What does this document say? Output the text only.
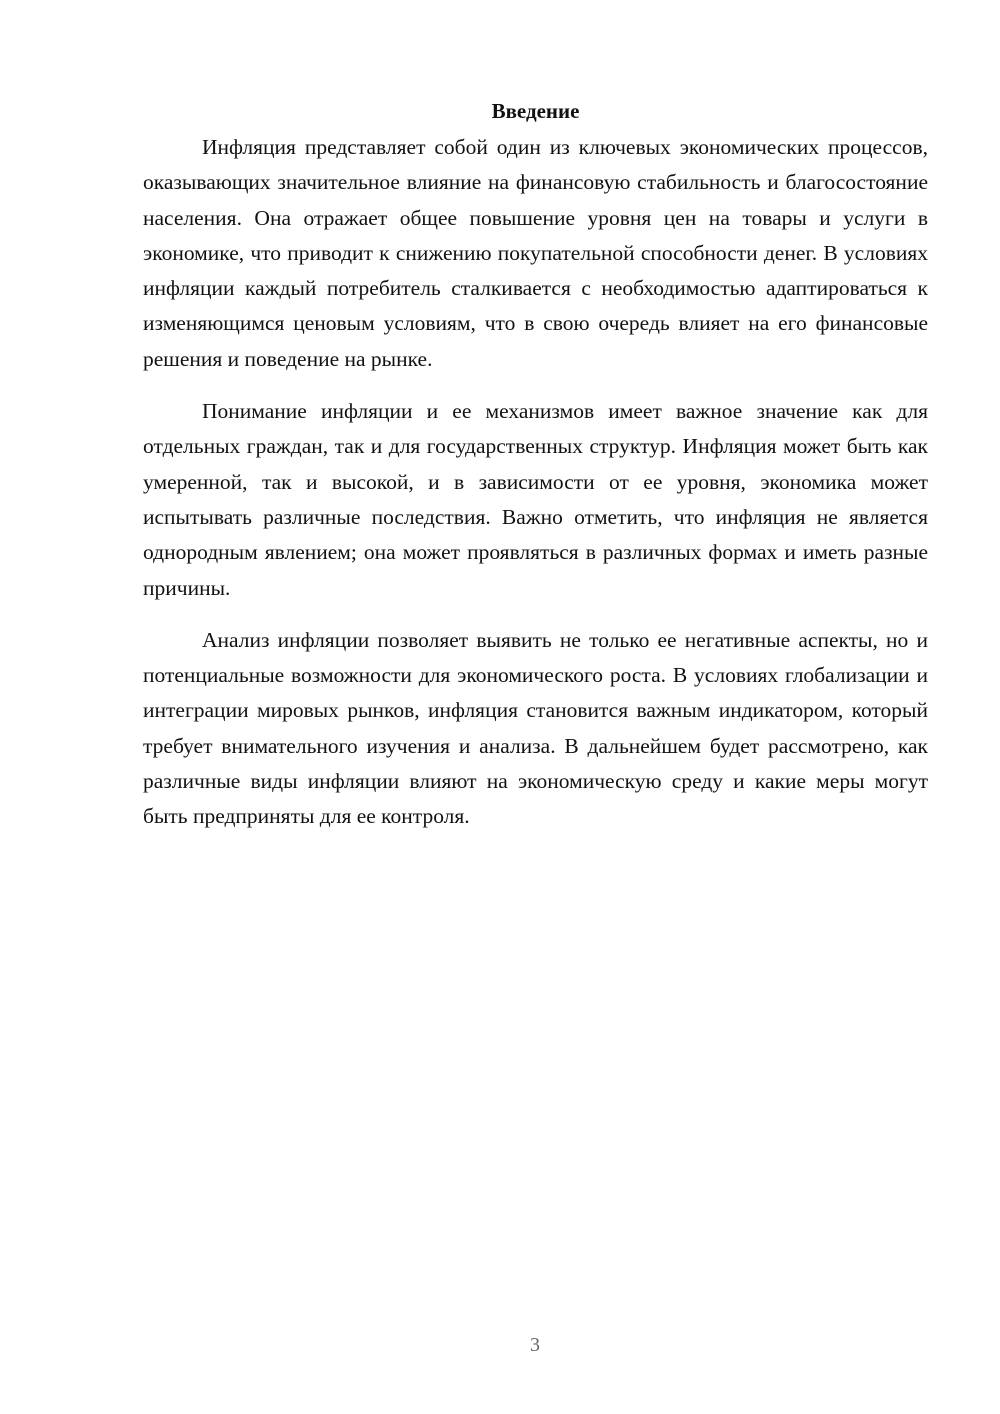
Введение

Инфляция представляет собой один из ключевых экономических процессов, оказывающих значительное влияние на финансовую стабильность и благосостояние населения. Она отражает общее повышение уровня цен на товары и услуги в экономике, что приводит к снижению покупательной способности денег. В условиях инфляции каждый потребитель сталкивается с необходимостью адаптироваться к изменяющимся ценовым условиям, что в свою очередь влияет на его финансовые решения и поведение на рынке.

Понимание инфляции и ее механизмов имеет важное значение как для отдельных граждан, так и для государственных структур. Инфляция может быть как умеренной, так и высокой, и в зависимости от ее уровня, экономика может испытывать различные последствия. Важно отметить, что инфляция не является однородным явлением; она может проявляться в различных формах и иметь разные причины.

Анализ инфляции позволяет выявить не только ее негативные аспекты, но и потенциальные возможности для экономического роста. В условиях глобализации и интеграции мировых рынков, инфляция становится важным индикатором, который требует внимательного изучения и анализа. В дальнейшем будет рассмотрено, как различные виды инфляции влияют на экономическую среду и какие меры могут быть предприняты для ее контроля.

3
